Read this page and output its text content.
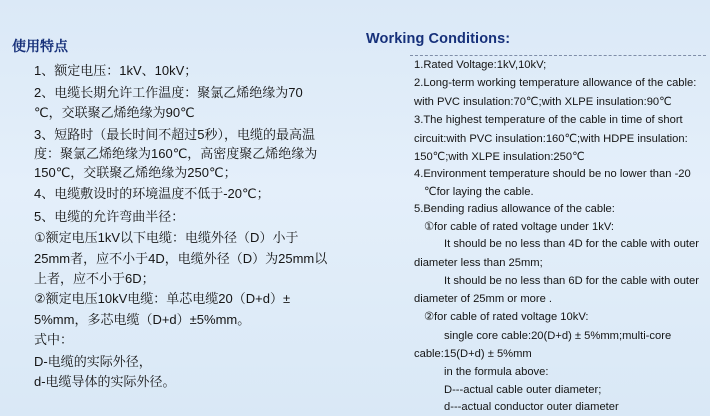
使用特点
1、额定电压：1kV、10kV；
2、电缆长期允许工作温度：聚氯乙烯绝缘为70
℃，交联聚乙烯绝缘为90℃
3、短路时（最长时间不超过5秒），电缆的最高温
度：聚氯乙烯绝缘为160℃，高密度聚乙烯绝缘为
150℃，交联聚乙烯绝缘为250℃；
4、电缆敷设时的环境温度不低于-20℃；
5、电缆的允许弯曲半径：
①额定电压1kV以下电缆：电缆外径（D）小于
25mm者，应不小于4D，电缆外径（D）为25mm以
上者，应不小于6D；
②额定电压10kV电缆：单芯电缆20（D+d）±
5%mm，多芯电缆（D+d）±5%mm。
式中：
D-电缆的实际外径，
d-电缆导体的实际外径。
Working Conditions:
1.Rated Voltage:1kV,10kV;
2.Long-term working temperature allowance of the cable:
with PVC insulation:70℃;with XLPE insulation:90℃
3.The highest temperature of the cable in time of short
circuit:with PVC insulation:160℃;with HDPE insulation:
150℃;with XLPE insulation:250℃
4.Environment temperature should be no lower than -20
℃for laying the cable.
5.Bending radius allowance of the cable:
①for cable of rated voltage under 1kV:
It should be no less than 4D for the cable with outer
diameter less than 25mm;
It should be no less than 6D for the cable with outer
diameter of 25mm or more .
②for cable of rated voltage 10kV:
single core cable:20(D+d) ± 5%mm;multi-core
cable:15(D+d) ± 5%mm
in the formula above:
D---actual cable outer diameter;
d---actual conductor outer diameter
